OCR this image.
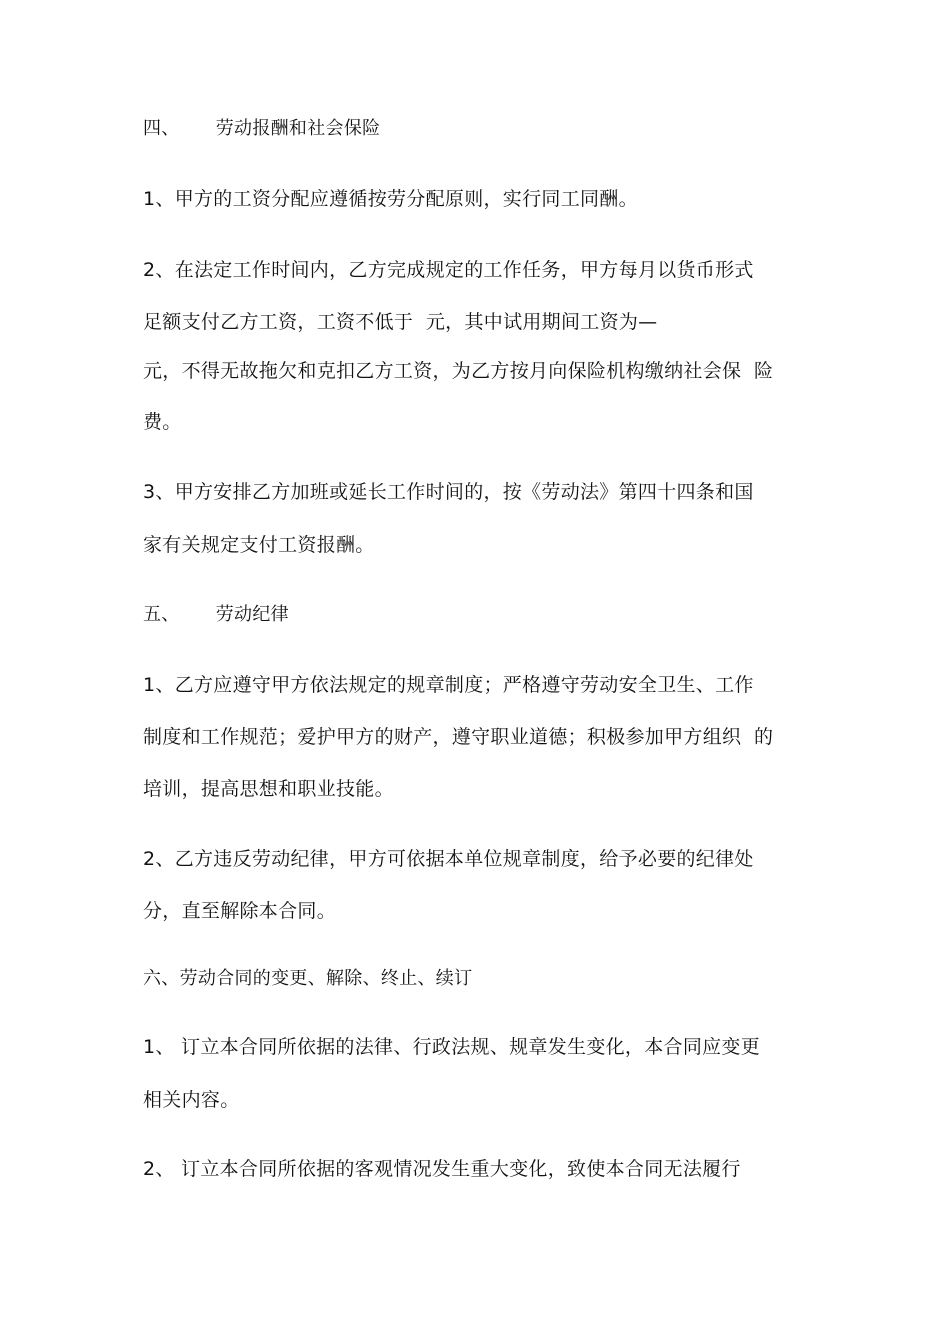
四、      劳动报酬和社会保险
1、甲方的工资分配应遵循按劳分配原则，实行同工同酬。
2、在法定工作时间内，乙方完成规定的工作任务，甲方每月以货币形式
足额支付乙方工资，工资不低于  元，其中试用期间工资为—
元，不得无故拖欠和克扣乙方工资，为乙方按月向保险机构缴纳社会保  险
费。
3、甲方安排乙方加班或延长工作时间的，按《劳动法》第四十四条和国
家有关规定支付工资报酬。
五、      劳动纪律
1、乙方应遵守甲方依法规定的规章制度；严格遵守劳动安全卫生、工作
制度和工作规范；爱护甲方的财产，遵守职业道德；积极参加甲方组织  的
培训，提高思想和职业技能。
2、乙方违反劳动纪律，甲方可依据本单位规章制度，给予必要的纪律处
分，直至解除本合同。
六、劳动合同的变更、解除、终止、续订
1、 订立本合同所依据的法律、行政法规、规章发生变化，本合同应变更
相关内容。
2、 订立本合同所依据的客观情况发生重大变化，致使本合同无法履行
